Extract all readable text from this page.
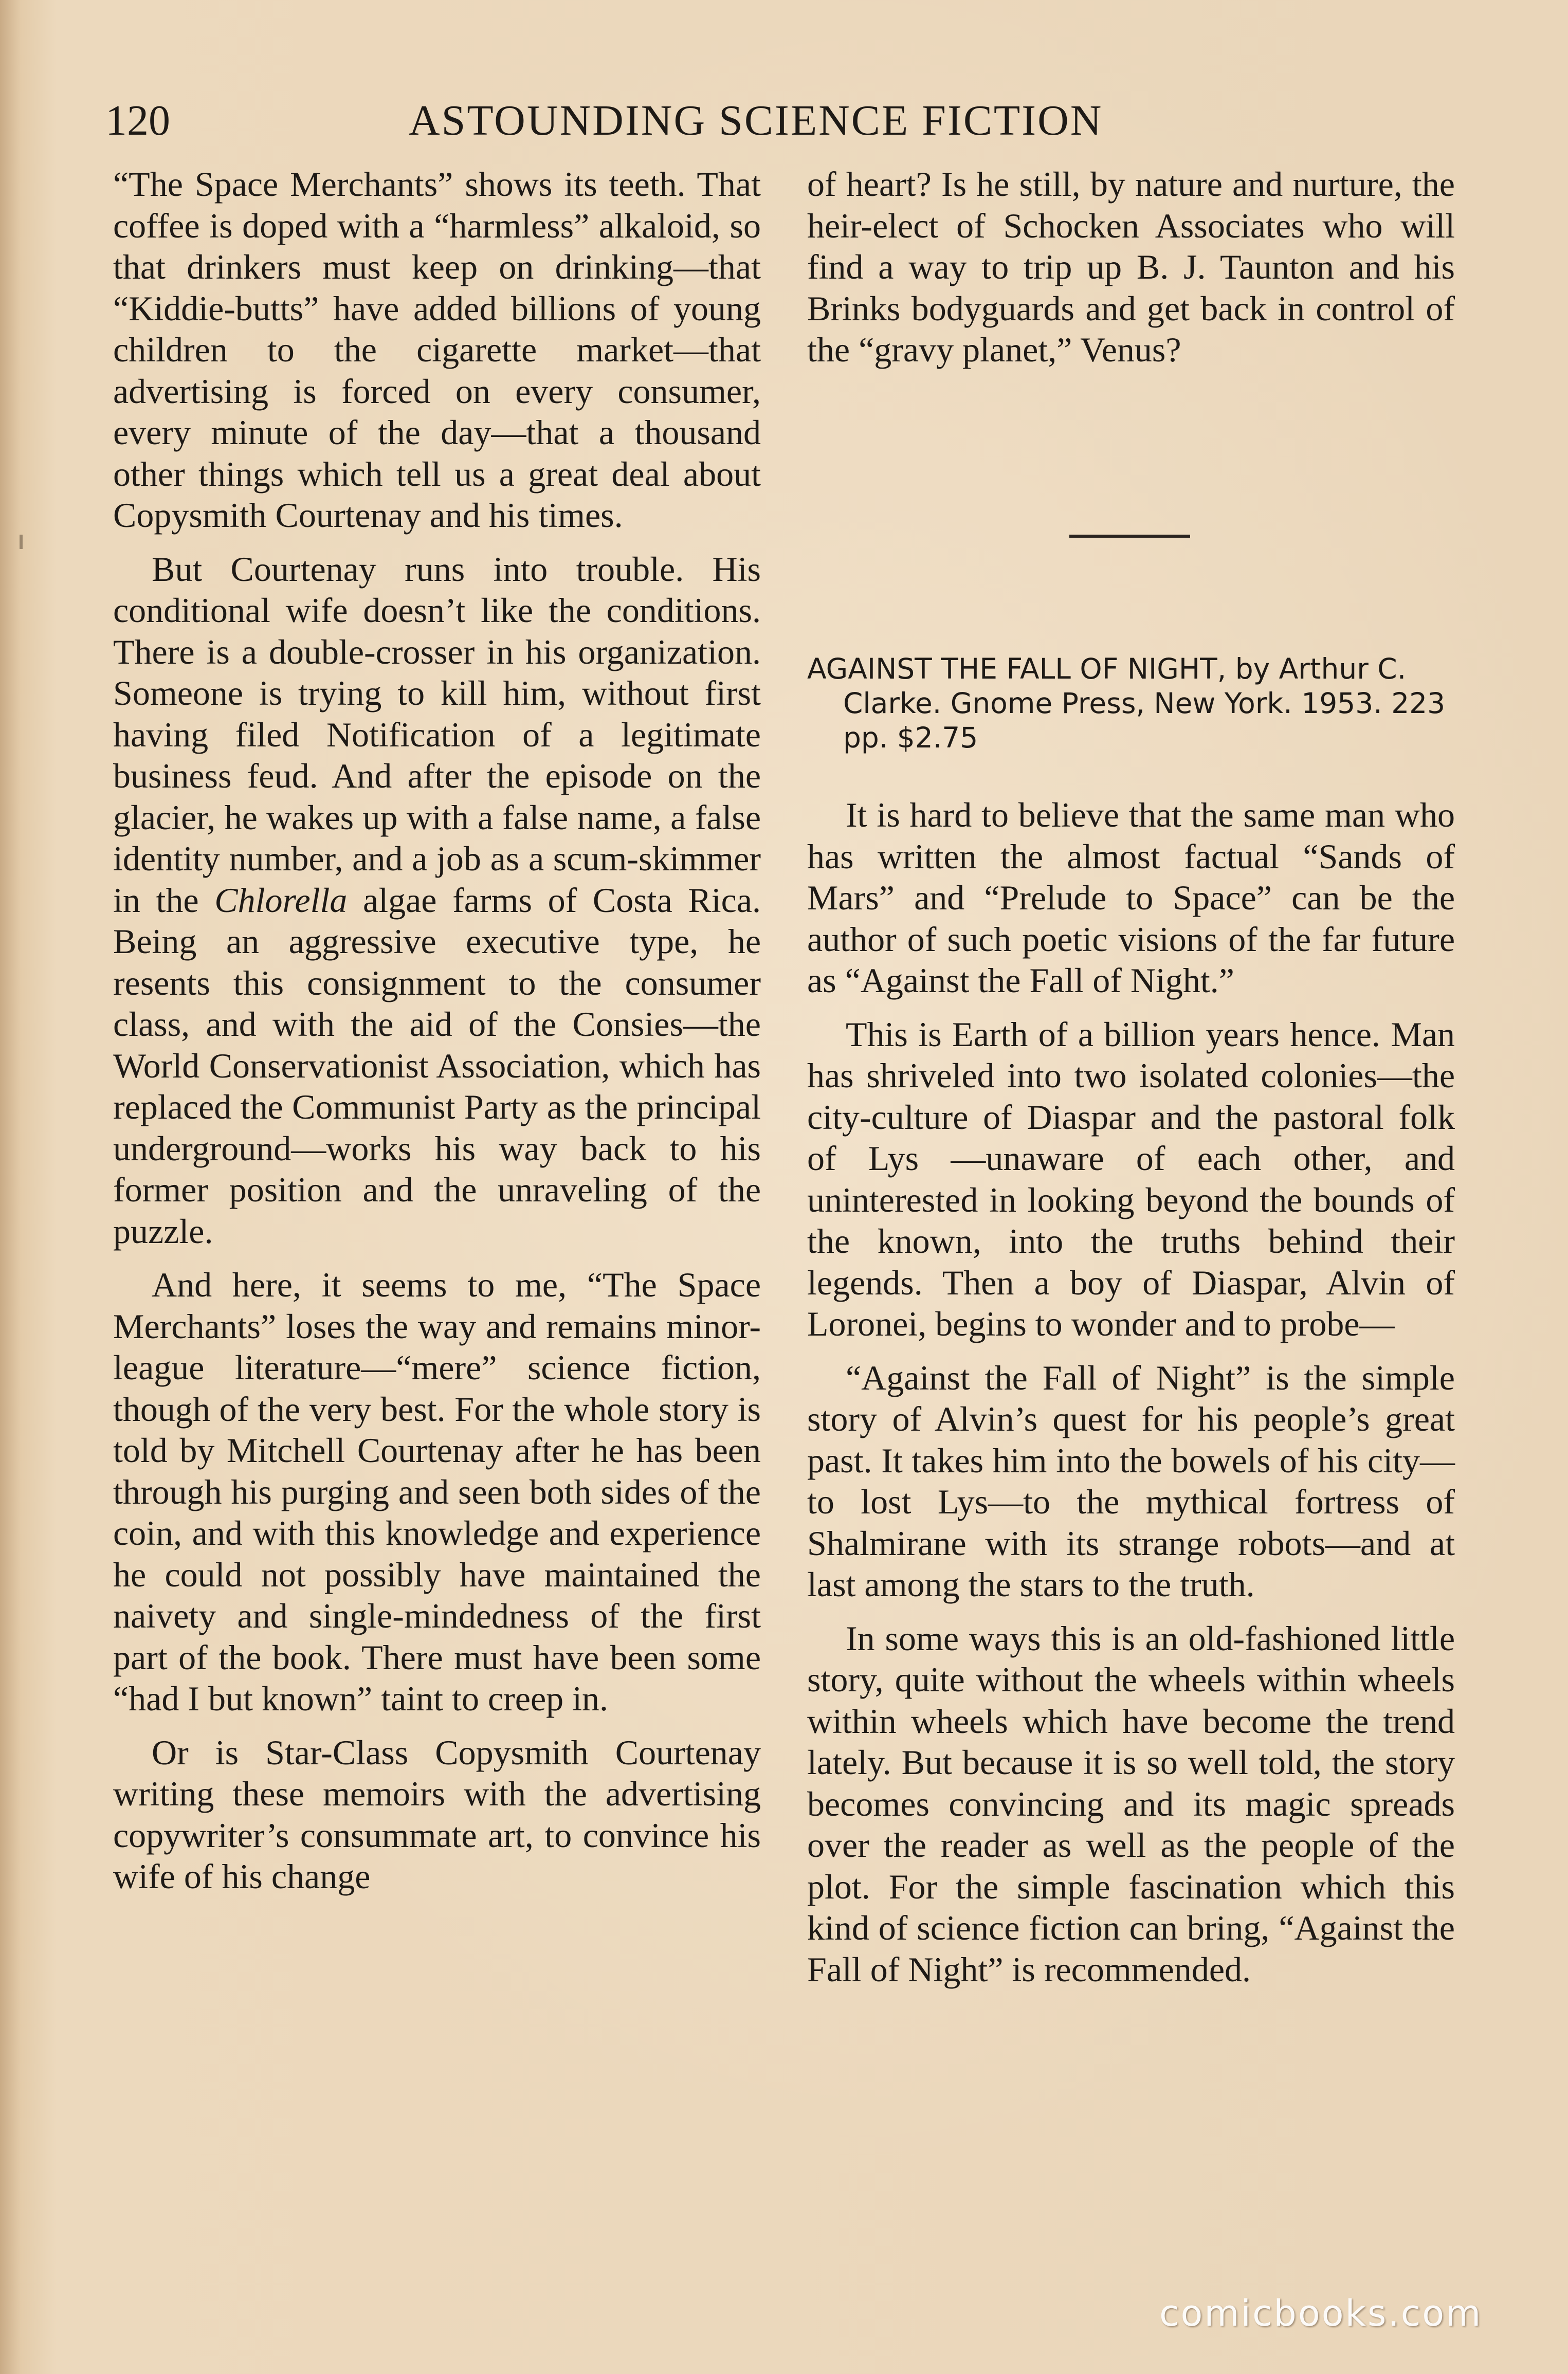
120	ASTOUNDING SCIENCE FICTION

“The Space Merchants” shows its teeth. That coffee is doped with a “harmless” alkaloid, so that drinkers must keep on drinking—that “Kiddie-butts” have added billions of young children to the cigarette market—that advertising is forced on every consumer, every minute of the day—that a thousand other things which tell us a great deal about Copysmith Courtenay and his times.

But Courtenay runs into trouble. His conditional wife doesn’t like the conditions. There is a double-crosser in his organization. Someone is trying to kill him, without first having filed Notification of a legitimate business feud. And after the episode on the glacier, he wakes up with a false name, a false identity number, and a job as a scum-skimmer in the Chlorella algae farms of Costa Rica. Being an aggressive executive type, he resents this consignment to the consumer class, and with the aid of the Consies—the World Conservationist Association, which has replaced the Communist Party as the principal underground—works his way back to his former position and the unraveling of the puzzle.

And here, it seems to me, “The Space Merchants” loses the way and remains minor-league literature—“mere” science fiction, though of the very best. For the whole story is told by Mitchell Courtenay after he has been through his purging and seen both sides of the coin, and with this knowledge and experience he could not possibly have maintained the naivety and single-mindedness of the first part of the book. There must have been some “had I but known” taint to creep in.

Or is Star-Class Copysmith Courtenay writing these memoirs with the advertising copywriter’s consummate art, to convince his wife of his change

of heart? Is he still, by nature and nurture, the heir-elect of Schocken Associates who will find a way to trip up B. J. Taunton and his Brinks bodyguards and get back in control of the “gravy planet,” Venus?

AGAINST THE FALL OF NIGHT, by Arthur C. Clarke. Gnome Press, New York. 1953. 223 pp. $2.75

It is hard to believe that the same man who has written the almost factual “Sands of Mars” and “Prelude to Space” can be the author of such poetic visions of the far future as “Against the Fall of Night.”

This is Earth of a billion years hence. Man has shriveled into two isolated colonies—the city-culture of Diaspar and the pastoral folk of Lys —unaware of each other, and uninterested in looking beyond the bounds of the known, into the truths behind their legends. Then a boy of Diaspar, Alvin of Loronei, begins to wonder and to probe—

“Against the Fall of Night” is the simple story of Alvin’s quest for his people’s great past. It takes him into the bowels of his city—to lost Lys—to the mythical fortress of Shalmirane with its strange robots—and at last among the stars to the truth.

In some ways this is an old-fashioned little story, quite without the wheels within wheels within wheels which have become the trend lately. But because it is so well told, the story becomes convincing and its magic spreads over the reader as well as the people of the plot. For the simple fascination which this kind of science fiction can bring, “Against the Fall of Night” is recommended.

comicbooks.com
